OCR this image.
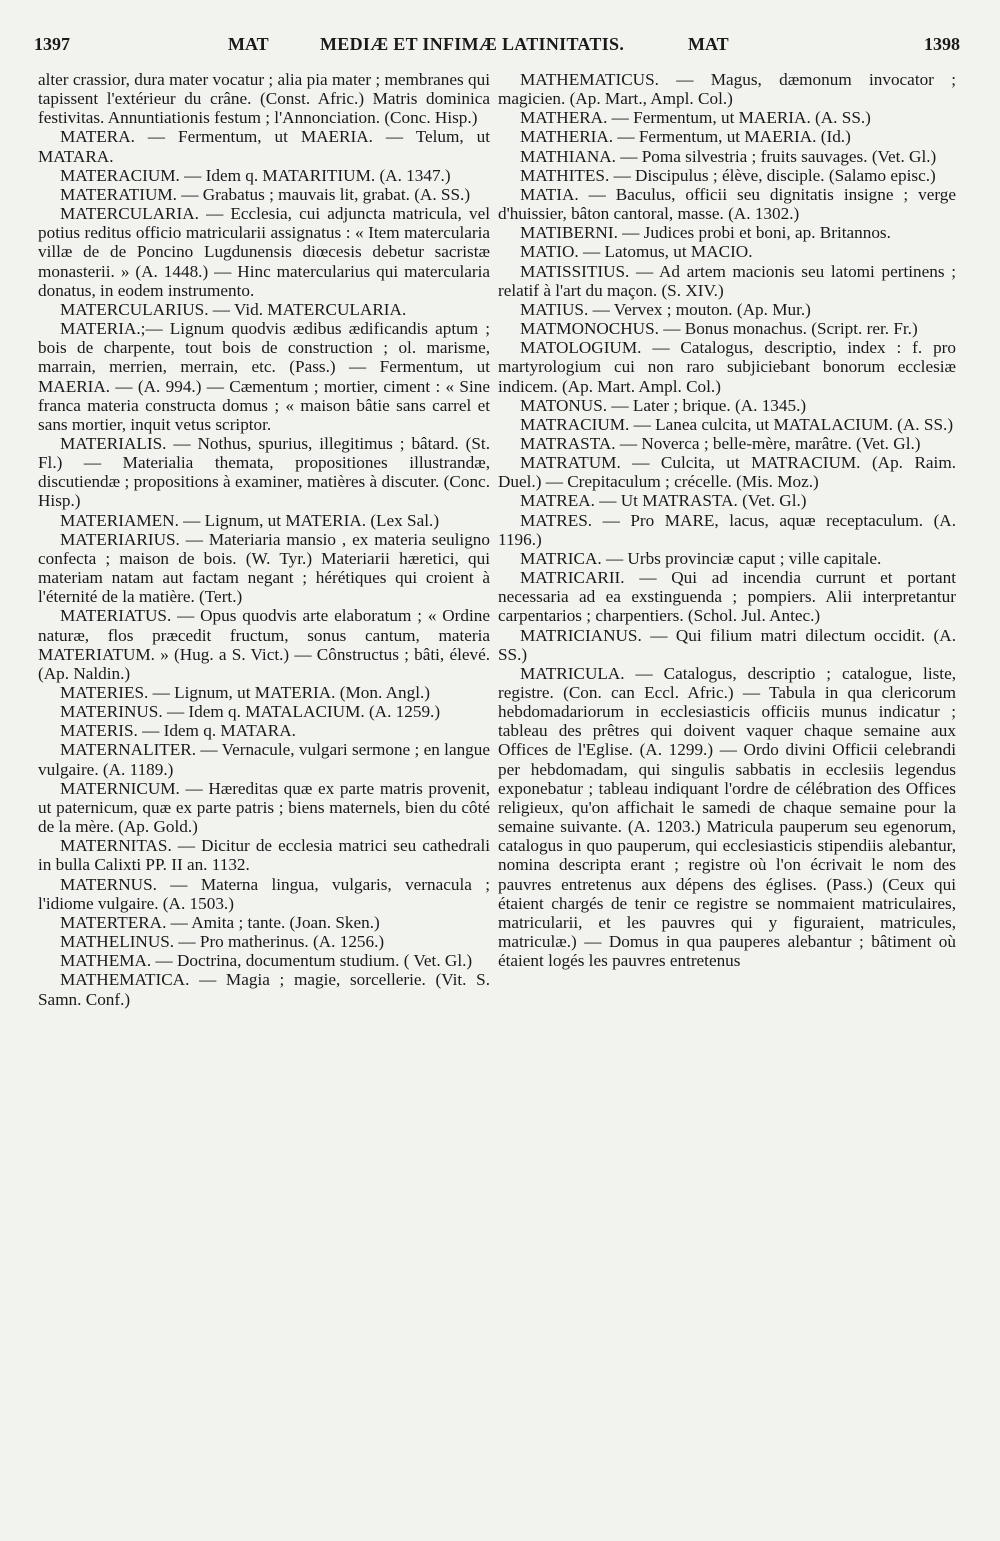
1397	MAT	MEDIÆ ET INFIMÆ LATINITATIS.	MAT	1398

alter crassior, dura mater vocatur ; alia pia mater ; membranes qui tapissent l'extérieur du crâne. (Const. Afric.) Matris dominica festivitas. Annuntiationis festum ; l'Annonciation. (Conc. Hisp.)

MATERA. — Fermentum, ut MAERIA. — Telum, ut MATARA.

MATERACIUM. — Idem q. MATARITIUM. (A. 1347.)

MATERATIUM. — Grabatus ; mauvais lit, grabat. (A. SS.)

MATERCULARIA. — Ecclesia, cui adjuncta matricula, vel potius reditus officio matricularii assignatus : « Item matercularia villæ de de Poncino Lugdunensis diœcesis debetur sacristæ monasterii. » (A. 1448.) — Hinc matercularius qui matercularia donatus, in eodem instrumento.

MATERCULARIUS. — Vid. MATERCULARIA.

MATERIA.;— Lignum quodvis ædibus ædificandis aptum ; bois de charpente, tout bois de construction ; ol. marisme, marrain, merrien, merrain, etc. (Pass.) — Fermentum, ut MAERIA. — (A. 994.) — Cæmentum ; mortier, ciment : « Sine franca materia constructa domus ; « maison bâtie sans carrel et sans mortier, inquit vetus scriptor.

MATERIALIS. — Nothus, spurius, illegitimus ; bâtard. (St. Fl.) — Materialia themata, propositiones illustrandæ, discutiendæ ; propositions à examiner, matières à discuter. (Conc. Hisp.)

MATERIAMEN. — Lignum, ut MATERIA. (Lex Sal.)

MATERIARIUS. — Materiaria mansio , ex materia seuligno confecta ; maison de bois. (W. Tyr.) Materiarii hæretici, qui materiam natam aut factam negant ; hérétiques qui croient à l'éternité de la matière. (Tert.)

MATERIATUS. — Opus quodvis arte elaboratum ; « Ordine naturæ, flos præcedit fructum, sonus cantum, materia MATERIATUM. » (Hug. a S. Vict.) — Cônstructus ; bâti, élevé. (Ap. Naldin.)

MATERIES. — Lignum, ut MATERIA. (Mon. Angl.)

MATERINUS. — Idem q. MATALACIUM. (A. 1259.)

MATERIS. — Idem q. MATARA.

MATERNALITER. — Vernacule, vulgari sermone ; en langue vulgaire. (A. 1189.)

MATERNICUM. — Hæreditas quæ ex parte matris provenit, ut paternicum, quæ ex parte patris ; biens maternels, bien du côté de la mère. (Ap. Gold.)

MATERNITAS. — Dicitur de ecclesia matrici seu cathedrali in bulla Calixti PP. II an. 1132.

MATERNUS. — Materna lingua, vulgaris, vernacula ; l'idiome vulgaire. (A. 1503.)

MATERTERA. — Amita ; tante. (Joan. Sken.)

MATHELINUS. — Pro matherinus. (A. 1256.)

MATHEMA. — Doctrina, documentum studium. ( Vet. Gl.)

MATHEMATICA. — Magia ; magie, sorcellerie. (Vit. S. Samn. Conf.)

MATHEMATICUS. — Magus, dæmonum invocator ; magicien. (Ap. Mart., Ampl. Col.)

MATHERA. — Fermentum, ut MAERIA. (A. SS.)

MATHERIA. — Fermentum, ut MAERIA. (Id.)

MATHIANA. — Poma silvestria ; fruits sauvages. (Vet. Gl.)

MATHITES. — Discipulus ; élève, disciple. (Salamo episc.)

MATIA. — Baculus, officii seu dignitatis insigne ; verge d'huissier, bâton cantoral, masse. (A. 1302.)

MATIBERNI. — Judices probi et boni, ap. Britannos.

MATIO. — Latomus, ut MACIO.

MATISSITIUS. — Ad artem macionis seu latomi pertinens ; relatif à l'art du maçon. (S. XIV.)

MATIUS. — Vervex ; mouton. (Ap. Mur.)

MATMONOCHUS. — Bonus monachus. (Script. rer. Fr.)

MATOLOGIUM. — Catalogus, descriptio, index : f. pro martyrologium cui non raro subjiciebant bonorum ecclesiæ indicem. (Ap. Mart. Ampl. Col.)

MATONUS. — Later ; brique. (A. 1345.)

MATRACIUM. — Lanea culcita, ut MATALACIUM. (A. SS.)

MATRASTA. — Noverca ; belle-mère, marâtre. (Vet. Gl.)

MATRATUM. — Culcita, ut MATRACIUM. (Ap. Raim. Duel.) — Crepitaculum ; crécelle. (Mis. Moz.)

MATREA. — Ut MATRASTA. (Vet. Gl.)

MATRES. — Pro MARE, lacus, aquæ receptaculum. (A. 1196.)

MATRICA. — Urbs provinciæ caput ; ville capitale.

MATRICARII. — Qui ad incendia currunt et portant necessaria ad ea exstinguenda ; pompiers. Alii interpretantur carpentarios ; charpentiers. (Schol. Jul. Antec.)

MATRICIANUS. — Qui filium matri dilectum occidit. (A. SS.)

MATRICULA. — Catalogus, descriptio ; catalogue, liste, registre. (Con. can Eccl. Afric.) — Tabula in qua clericorum hebdomadariorum in ecclesiasticis officiis munus indicatur ; tableau des prêtres qui doivent vaquer chaque semaine aux Offices de l'Eglise. (A. 1299.) — Ordo divini Officii celebrandi per hebdomadam, qui singulis sabbatis in ecclesiis legendus exponebatur ; tableau indiquant l'ordre de célébration des Offices religieux, qu'on affichait le samedi de chaque semaine pour la semaine suivante. (A. 1203.) Matricula pauperum seu egenorum, catalogus in quo pauperum, qui ecclesiasticis stipendiis alebantur, nomina descripta erant ; registre où l'on écrivait le nom des pauvres entretenus aux dépens des églises. (Pass.) (Ceux qui étaient chargés de tenir ce registre se nommaient matriculaires, matricularii, et les pauvres qui y figuraient, matricules, matriculæ.) — Domus in qua pauperes alebantur ; bâtiment où étaient logés les pauvres entretenus
